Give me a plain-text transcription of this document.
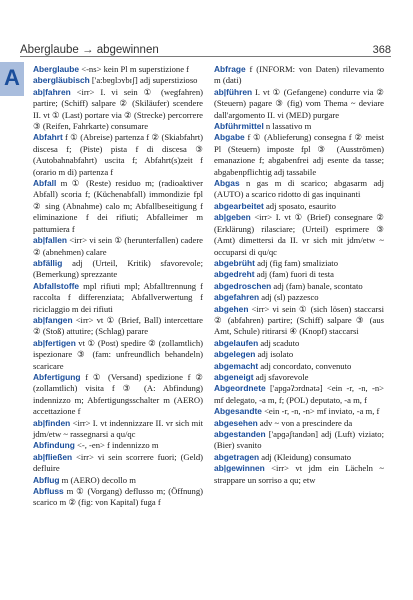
Aberglaube → abgewinnen	368
A Aberglaube <-ns> kein Pl m superstizione f
abergläubisch ['a:bɐɡlɔʏbɪʃ] adj superstizioso
ab|fahren <irr> I. vi sein ① (wegfahren) partire; (Schiff) salpare ② (Skiläufer) scendere II. vt ① (Last) portare via ② (Strecke) percorrere ③ (Reifen, Fahrkarte) consumare
Abfahrt f ① (Abreise) partenza f ② (Skiabfahrt) discesa f; (Piste) pista f di discesa ③ (Autobahnabfahrt) uscita f; Abfahrt(s)zeit f (orario m di) partenza f
Abfall m ① (Reste) residuo m; (radioaktiver Abfall) scoria f; (Küchenabfall) immondizie fpl ② sing (Abnahme) calo m; Abfallbeseitigung f eliminazione f dei rifiuti; Abfalleimer m pattumiera f
ab|fallen <irr> vi sein ① (herunterfallen) cadere ② (abnehmen) calare
abfällig adj (Urteil, Kritik) sfavorevole; (Bemerkung) sprezzante
Abfallstoffe mpl rifiuti mpl; Abfalltrennung f raccolta f differenziata; Abfallverwertung f riciclaggio m dei rifiuti
ab|fangen <irr> vt ① (Brief, Ball) intercettare ② (Stoß) attutire; (Schlag) parare
ab|fertigen vt ① (Post) spedire ② (zollamtlich) ispezionare ③ (fam: unfreundlich behandeln) scaricare
Abfertigung f ① (Versand) spedizione f ② (zollamtlich) visita f ③ (A: Abfindung) indennizzo m; Abfertigungsschalter m (AERO) accettazione f
ab|finden <irr> I. vt indennizzare II. vr sich mit jdm/etw ~ rassegnarsi a qu/qc
Abfindung <-, -en> f indennizzo m
ab|fließen <irr> vi sein scorrere fuori; (Geld) defluire
Abflug m (AERO) decollo m
Abfluss m ① (Vorgang) deflusso m; (Öffnung) scarico m ② (fig: von Kapital) fuga f
Abfrage f (INFORM: von Daten) rilevamento m (dati)
ab|führen I. vt ① (Gefangene) condurre via ② (Steuern) pagare ③ (fig) vom Thema ~ deviare dall'argomento II. vi (MED) purgare
Abführmittel n lassativo m
Abgabe f ① (Ablieferung) consegna f ② meist Pl (Steuern) imposte fpl ③ (Ausströmen) emanazione f; abgabenfrei adj esente da tasse; abgabenpflichtig adj tassabile
Abgas n gas m di scarico; abgasarm adj (AUTO) a scarico ridotto di gas inquinanti
abgearbeitet adj sposato, esaurito
ab|geben <irr> I. vt ① (Brief) consegnare ② (Erklärung) rilasciare; (Urteil) esprimere ③ (Amt) dimettersi da II. vr sich mit jdm/etw ~ occuparsi di qu/qc
abgebrüht adj (fig fam) smaliziato
abgedreht adj (fam) fuori di testa
abgedroschen adj (fam) banale, scontato
abgefahren adj (sl) pazzesco
abgehen <irr> vi sein ① (sich lösen) staccarsi ② (abfahren) partire; (Schiff) salpare ③ (aus Amt, Schule) ritirarsi ④ (Knopf) staccarsi
abgelaufen adj scaduto
abgelegen adj isolato
abgemacht adj concordato, convenuto
abgeneigt adj sfavorevole
Abgeordnete ['apɡəʔɔrdnətə] <ein -r, -n, -n> mf delegato, -a m, f; (POL) deputato, -a m, f
Abgesandte <ein -r, -n, -n> mf inviato, -a m, f
abgesehen adv ~ von a prescindere da
abgestanden ['apɡəʃtandən] adj (Luft) viziato; (Bier) svanito
abgetragen adj (Kleidung) consumato
ab|gewinnen <irr> vt jdm ein Lächeln ~ strappare un sorriso a qu; etw
